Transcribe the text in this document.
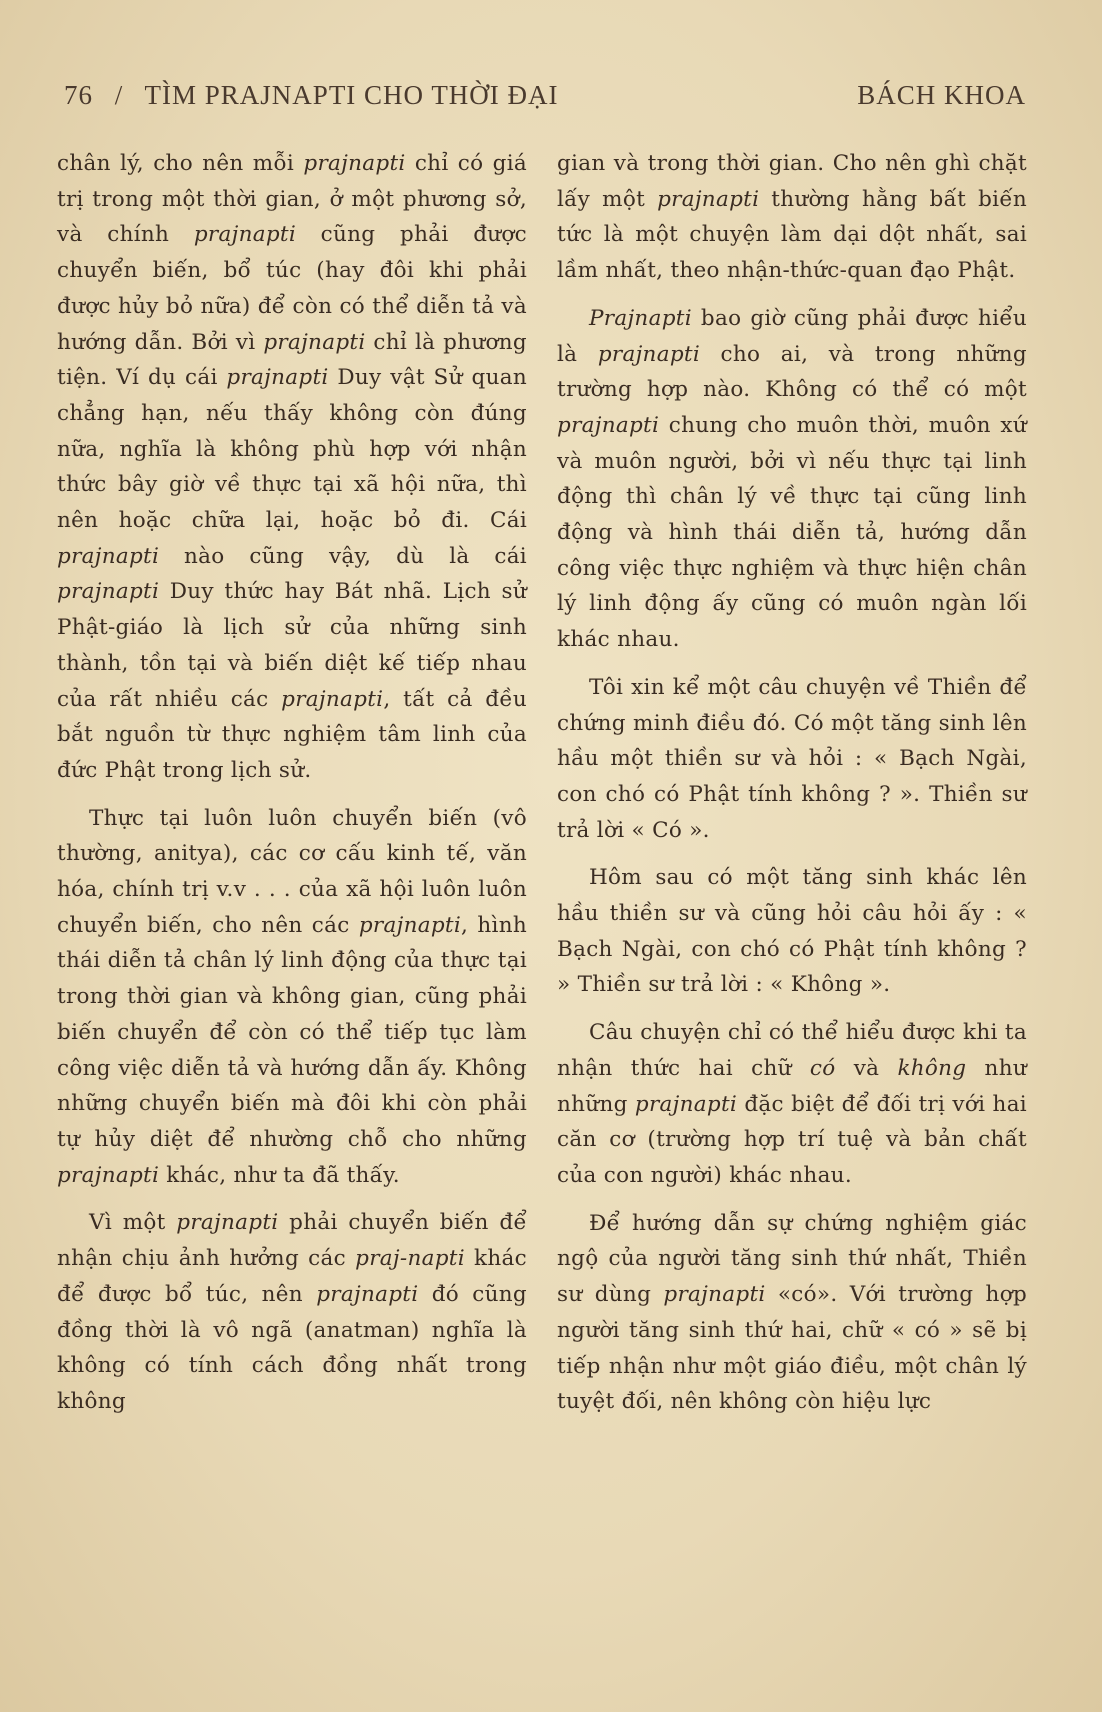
76 / TÌM PRAJNAPTI CHO THỜI ĐẠI	BÁCH KHOA

chân lý, cho nên mỗi prajnapti chỉ có giá trị trong một thời gian, ở một phương sở, và chính prajnapti cũng phải được chuyển biến, bổ túc (hay đôi khi phải được hủy bỏ nữa) để còn có thể diễn tả và hướng dẫn. Bởi vì prajnapti chỉ là phương tiện. Ví dụ cái prajnapti Duy vật Sử quan chẳng hạn, nếu thấy không còn đúng nữa, nghĩa là không phù hợp với nhận thức bây giờ về thực tại xã hội nữa, thì nên hoặc chữa lại, hoặc bỏ đi. Cái prajnapti nào cũng vậy, dù là cái prajnapti Duy thức hay Bát nhã. Lịch sử Phật-giáo là lịch sử của những sinh thành, tồn tại và biến diệt kế tiếp nhau của rất nhiều các prajnapti, tất cả đều bắt nguồn từ thực nghiệm tâm linh của đức Phật trong lịch sử.

Thực tại luôn luôn chuyển biến (vô thường, anitya), các cơ cấu kinh tế, văn hóa, chính trị v.v . . . của xã hội luôn luôn chuyển biến, cho nên các prajnapti, hình thái diễn tả chân lý linh động của thực tại trong thời gian và không gian, cũng phải biến chuyển để còn có thể tiếp tục làm công việc diễn tả và hướng dẫn ấy. Không những chuyển biến mà đôi khi còn phải tự hủy diệt để nhường chỗ cho những prajnapti khác, như ta đã thấy.

Vì một prajnapti phải chuyển biến để nhận chịu ảnh hưởng các praj-napti khác để được bổ túc, nên prajnapti đó cũng đồng thời là vô ngã (anatman) nghĩa là không có tính cách đồng nhất trong không

gian và trong thời gian. Cho nên ghì chặt lấy một prajnapti thường hằng bất biến tức là một chuyện làm dại dột nhất, sai lầm nhất, theo nhận-thức-quan đạo Phật.

Prajnapti bao giờ cũng phải được hiểu là prajnapti cho ai, và trong những trường hợp nào. Không có thể có một prajnapti chung cho muôn thời, muôn xứ và muôn người, bởi vì nếu thực tại linh động thì chân lý về thực tại cũng linh động và hình thái diễn tả, hướng dẫn công việc thực nghiệm và thực hiện chân lý linh động ấy cũng có muôn ngàn lối khác nhau.

Tôi xin kể một câu chuyện về Thiền để chứng minh điều đó. Có một tăng sinh lên hầu một thiền sư và hỏi : « Bạch Ngài, con chó có Phật tính không ? ». Thiền sư trả lời « Có ».

Hôm sau có một tăng sinh khác lên hầu thiền sư và cũng hỏi câu hỏi ấy : « Bạch Ngài, con chó có Phật tính không ? » Thiền sư trả lời : « Không ».

Câu chuyện chỉ có thể hiểu được khi ta nhận thức hai chữ có và không như những prajnapti đặc biệt để đối trị với hai căn cơ (trường hợp trí tuệ và bản chất của con người) khác nhau.

Để hướng dẫn sự chứng nghiệm giác ngộ của người tăng sinh thứ nhất, Thiền sư dùng prajnapti «có». Với trường hợp người tăng sinh thứ hai, chữ « có » sẽ bị tiếp nhận như một giáo điều, một chân lý tuyệt đối, nên không còn hiệu lực
